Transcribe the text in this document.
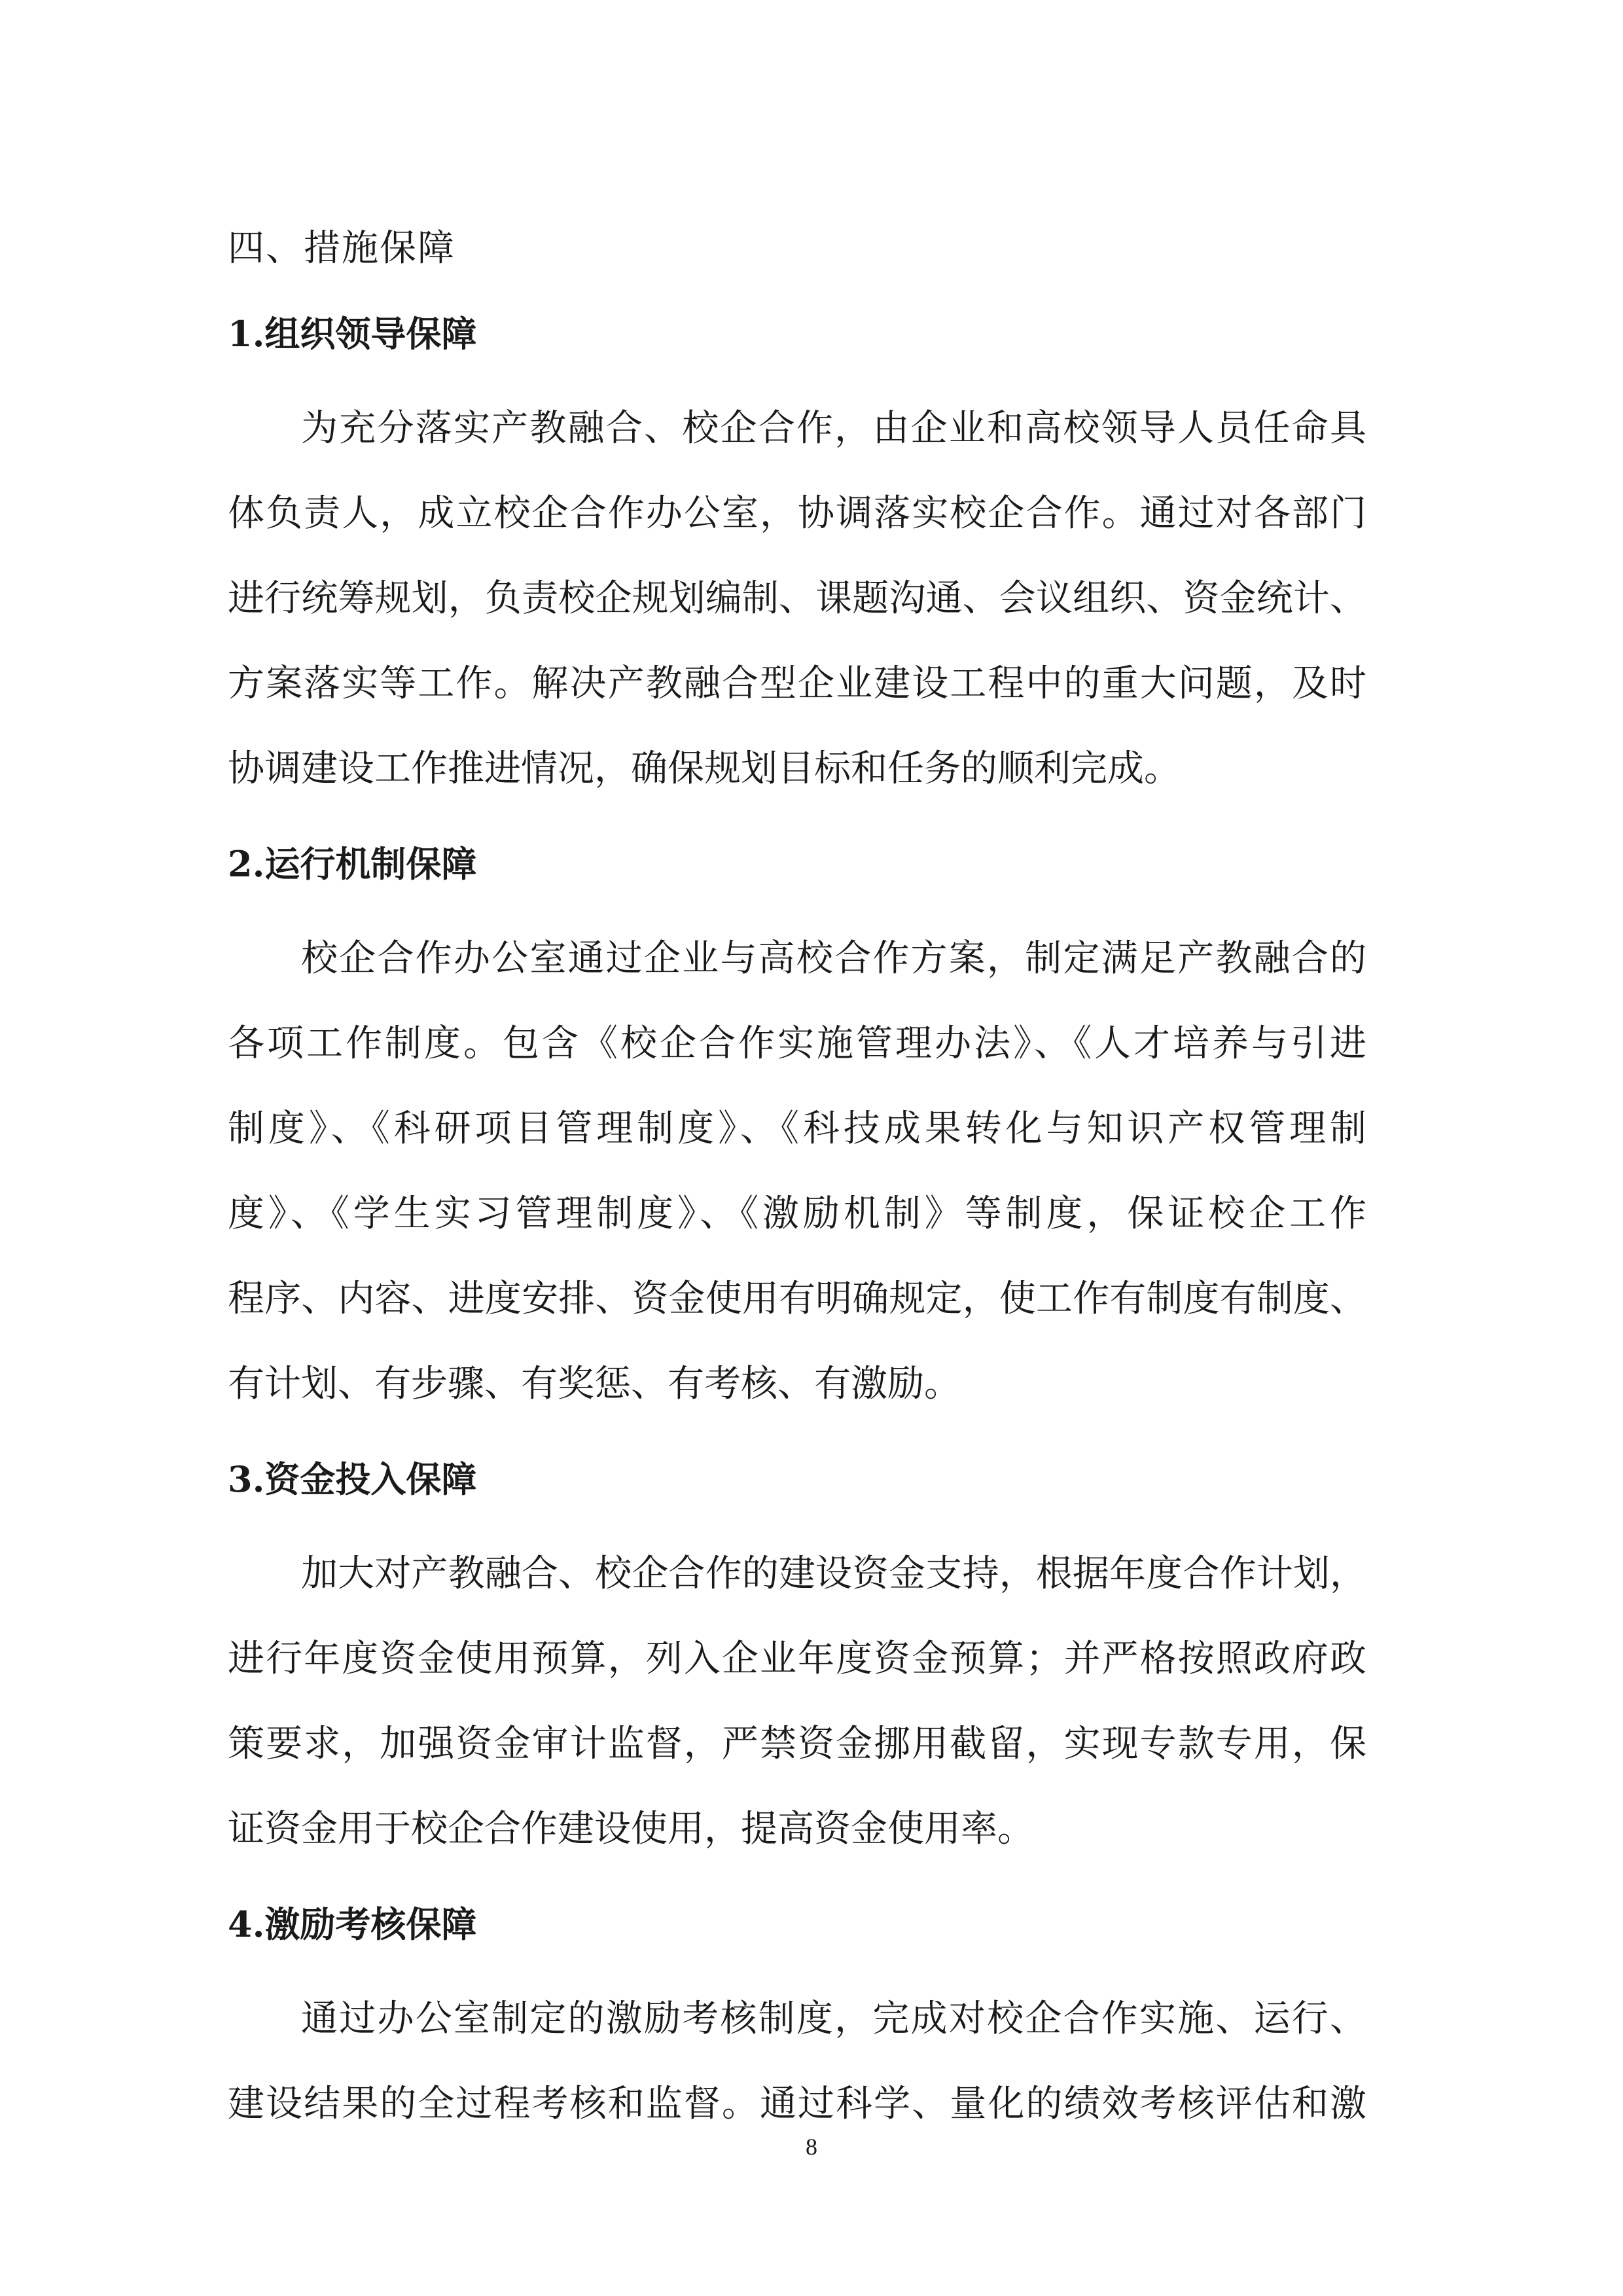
四、措施保障
1.组织领导保障
为充分落实产教融合、校企合作，由企业和高校领导人员任命具
体负责人，成立校企合作办公室，协调落实校企合作。通过对各部门
进行统筹规划，负责校企规划编制、课题沟通、会议组织、资金统计、
方案落实等工作。解决产教融合型企业建设工程中的重大问题，及时
协调建设工作推进情况，确保规划目标和任务的顺利完成。
2.运行机制保障
校企合作办公室通过企业与高校合作方案，制定满足产教融合的
各项工作制度。包含《校企合作实施管理办法》、《人才培养与引进
制度》、《科研项目管理制度》、《科技成果转化与知识产权管理制
度》、《学生实习管理制度》、《激励机制》等制度，保证校企工作
程序、内容、进度安排、资金使用有明确规定，使工作有制度有制度、
有计划、有步骤、有奖惩、有考核、有激励。
3.资金投入保障
加大对产教融合、校企合作的建设资金支持，根据年度合作计划，
进行年度资金使用预算，列入企业年度资金预算；并严格按照政府政
策要求，加强资金审计监督，严禁资金挪用截留，实现专款专用，保
证资金用于校企合作建设使用，提高资金使用率。
4.激励考核保障
通过办公室制定的激励考核制度，完成对校企合作实施、运行、
建设结果的全过程考核和监督。通过科学、量化的绩效考核评估和激
8
